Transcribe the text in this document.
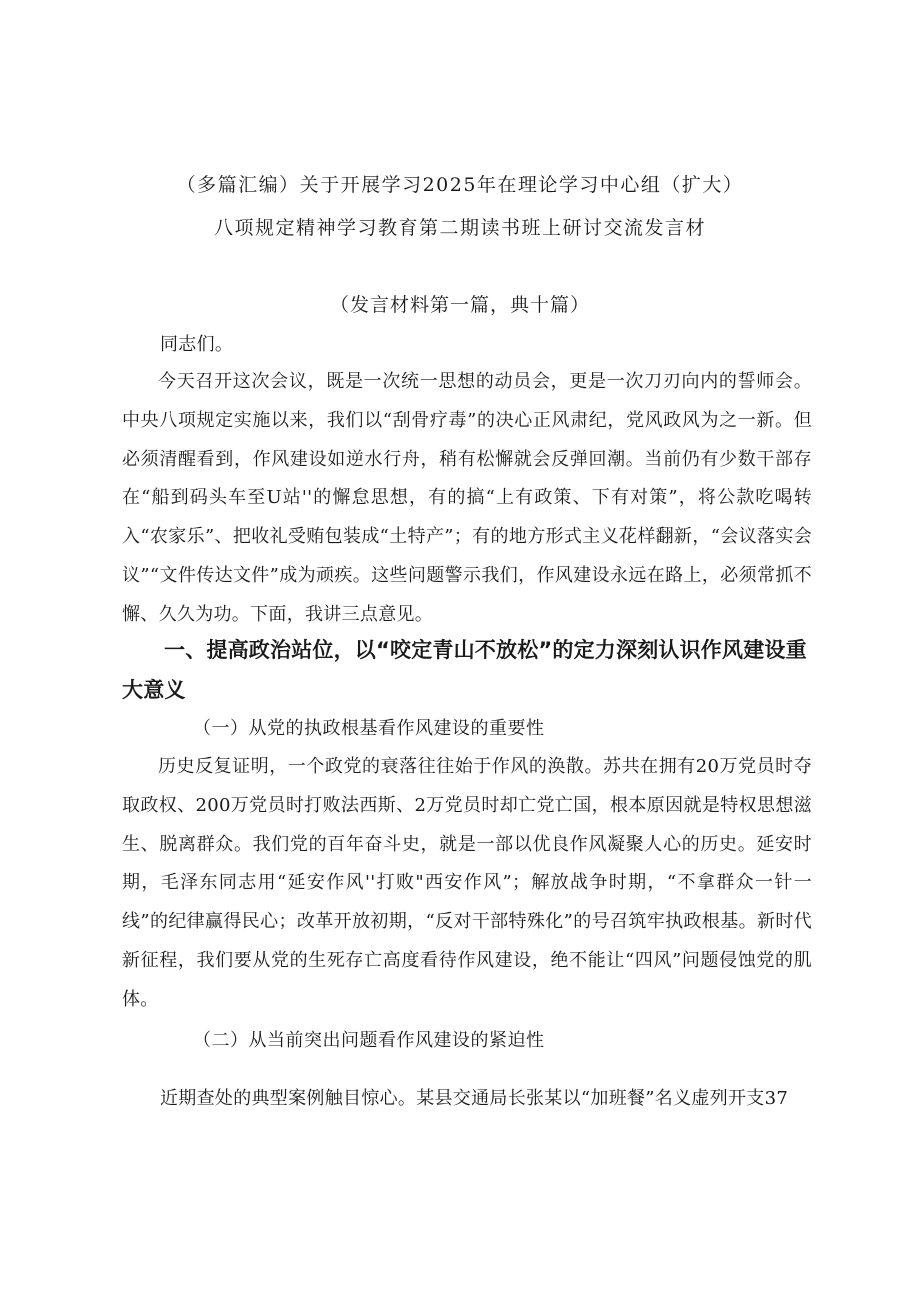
（多篇汇编）关于开展学习2025年在理论学习中心组（扩大）
八项规定精神学习教育第二期读书班上研讨交流发言材
（发言材料第一篇，典十篇）
同志们。

今天召开这次会议，既是一次统一思想的动员会，更是一次刀刃向内的誓师会。中央八项规定实施以来，我们以“刮骨疗毒”的决心正风肃纪，党风政风为之一新。但必须清醒看到，作风建设如逆水行舟，稍有松懈就会反弹回潮。当前仍有少数干部存在“船到码头车至U站''的懈怠思想，有的搞“上有政策、下有对策”，将公款吃喝转入“农家乐”、把收礼受贿包装成“土特产”；有的地方形式主义花样翻新，“会议落实会议”“文件传达文件”成为顽疾。这些问题警示我们，作风建设永远在路上，必须常抓不懈、久久为功。下面，我讲三点意见。

一、提高政治站位，以“咬定青山不放松”的定力深刻认识作风建设重大意义

（一）从党的执政根基看作风建设的重要性

历史反复证明，一个政党的衰落往往始于作风的涣散。苏共在拥有20万党员时夺取政权、200万党员时打败法西斯、2万党员时却亡党亡国，根本原因就是特权思想滋生、脱离群众。我们党的百年奋斗史，就是一部以优良作风凝聚人心的历史。延安时期，毛泽东同志用“延安作风''打败"西安作风”；解放战争时期，“不拿群众一针一线”的纪律赢得民心；改革开放初期，“反对干部特殊化”的号召筑牢执政根基。新时代新征程，我们要从党的生死存亡高度看待作风建设，绝不能让“四风”问题侵蚀党的肌体。

（二）从当前突出问题看作风建设的紧迫性
近期查处的典型案例触目惊心。某县交通局长张某以“加班餐”名义虚列开支37
